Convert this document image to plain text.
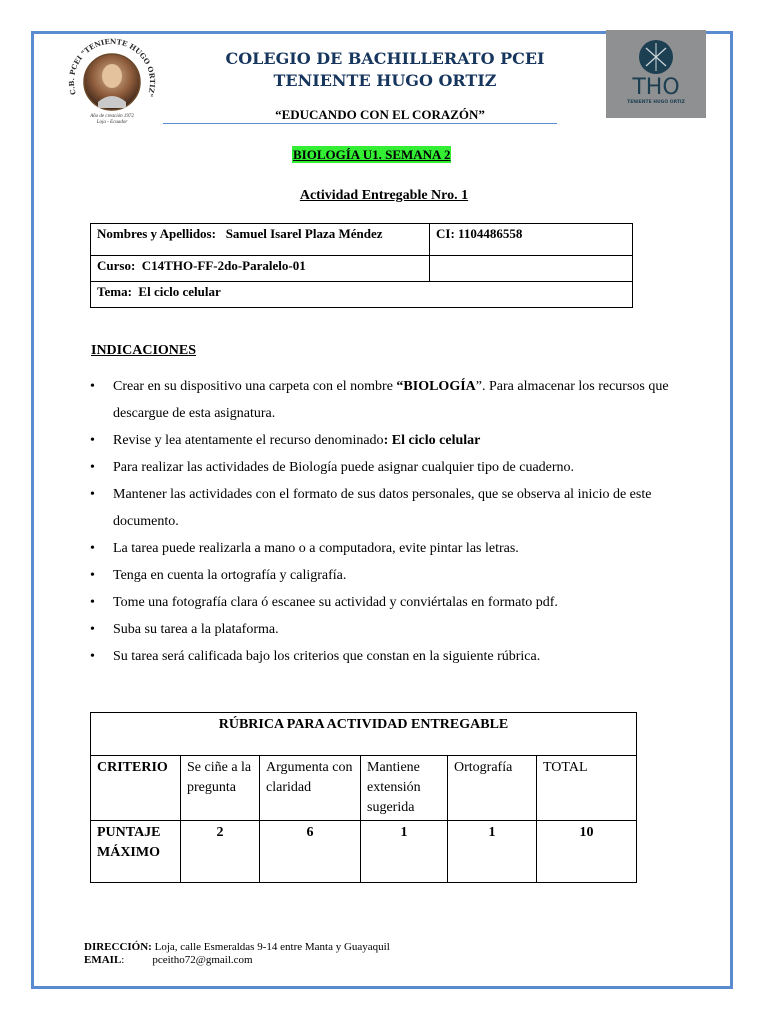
C.B. PCEI "TENIENTE HUGO ORTIZ"
Año de creación 1972
Loja - Ecuador
THO
TENIENTE HUGO ORTIZ
COLEGIO DE BACHILLERATO PCEI
TENIENTE HUGO ORTIZ
“EDUCANDO CON EL CORAZÓN”
BIOLOGÍA U1. SEMANA 2
Actividad Entregable Nro. 1
Nombres y Apellidos: Samuel Isarel Plaza Méndez	CI: 1104486558
Curso: C14THO-FF-2do-Paralelo-01	
Tema: El ciclo celular	
INDICACIONES
• Crear en su dispositivo una carpeta con el nombre “BIOLOGÍA”. Para almacenar los recursos que descargue de esta asignatura.
• Revise y lea atentamente el recurso denominado: El ciclo celular
• Para realizar las actividades de Biología puede asignar cualquier tipo de cuaderno.
• Mantener las actividades con el formato de sus datos personales, que se observa al inicio de este documento.
• La tarea puede realizarla a mano o a computadora, evite pintar las letras.
• Tenga en cuenta la ortografía y caligrafía.
• Tome una fotografía clara ó escanee su actividad y conviértalas en formato pdf.
• Suba su tarea a la plataforma.
• Su tarea será calificada bajo los criterios que constan en la siguiente rúbrica.
RÚBRICA PARA ACTIVIDAD ENTREGABLE					
CRITERIO	Se ciñe a la pregunta	Argumenta con claridad	Mantiene extensión sugerida	Ortografía	TOTAL
PUNTAJE MÁXIMO	2	6	1	1	10
DIRECCIÓN: Loja, calle Esmeraldas 9-14 entre Manta y Guayaquil
EMAIL:	pceitho72@gmail.com
